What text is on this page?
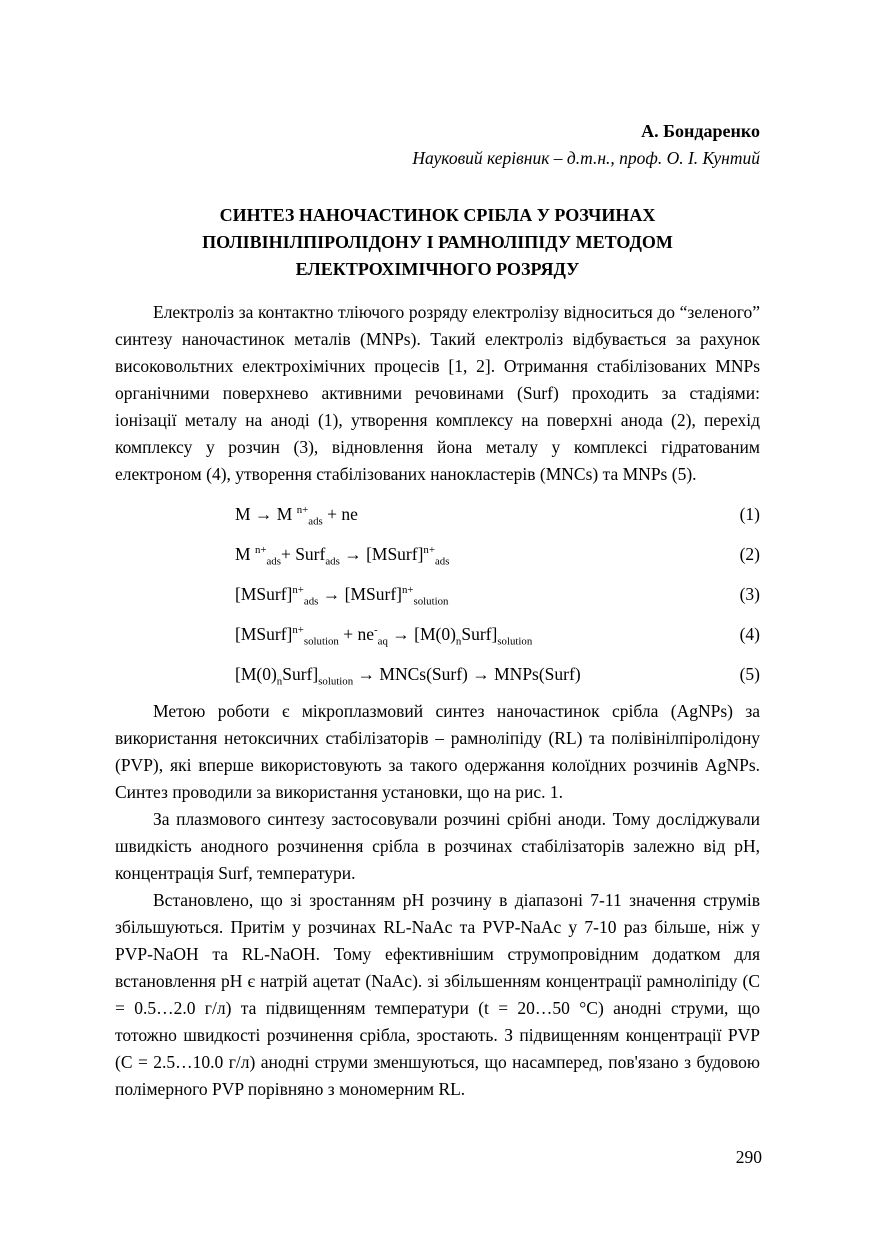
А. Бондаренко
Науковий керівник – д.т.н., проф. О. І. Кунтий
СИНТЕЗ НАНОЧАСТИНОК СРІБЛА У РОЗЧИНАХ
ПОЛІВІНІЛПІРОЛІДОНУ І РАМНОЛІПІДУ МЕТОДОМ
ЕЛЕКТРОХІМІЧНОГО РОЗРЯДУ
Електроліз за контактно тліючого розряду електролізу відноситься до “зеленого” синтезу наночастинок металів (MNPs). Такий електроліз відбувається за рахунок високовольтних електрохімічних процесів [1, 2]. Отримання стабілізованих MNPs органічними поверхнево активними речовинами (Surf) проходить за стадіями: іонізації металу на аноді (1), утворення комплексу на поверхні анода (2), перехід комплексу у розчин (3), відновлення йона металу у комплексі гідратованим електроном (4), утворення стабілізованих нанокластерів (MNCs) та MNPs (5).
M → M $^{n+}_{ads}$ + ne	(1)
M $^{n+}_{ads}$+ Surf$_{ads}$ → [MSurf]$^{n+}_{ads}$	(2)
[MSurf]$^{n+}_{ads}$ → [MSurf]$^{n+}_{solution}$	(3)
[MSurf]$^{n+}_{solution}$ + $ne^-_{aq}$ → $[M(0)_nSurf]_{solution}$	(4)
$[M(0)_nSurf]_{solution}$ → MNCs(Surf) → MNPs(Surf)	(5)
Метою роботи є мікроплазмовий синтез наночастинок срібла (AgNPs) за використання нетоксичних стабілізаторів – рамноліпіду (RL) та полівінілпіролідону (PVP), які вперше використовують за такого одержання колоїдних розчинів AgNPs. Синтез проводили за використання установки, що на рис. 1.
За плазмового синтезу застосовували розчині срібні аноди. Тому досліджували швидкість анодного розчинення срібла в розчинах стабілізаторів залежно від рН, концентрація Surf, температури.
Встановлено, що зі зростанням рН розчину в діапазоні 7-11 значення струмів збільшуються. Притім у розчинах RL-NaAc та PVP-NaAc у 7-10 раз більше, ніж у PVP-NaOH та RL-NaOH. Тому ефективнішим струмопровідним додатком для встановлення рН є натрій ацетат (NaAc). зі збільшенням концентрації рамноліпіду (С = 0.5…2.0 г/л) та підвищенням температури (t = 20…50 °С) анодні струми, що тотожно швидкості розчинення срібла, зростають. З підвищенням концентрації PVP (С = 2.5…10.0 г/л) анодні струми зменшуються, що насамперед, пов'язано з будовою полімерного PVP порівняно з мономерним RL.
290
